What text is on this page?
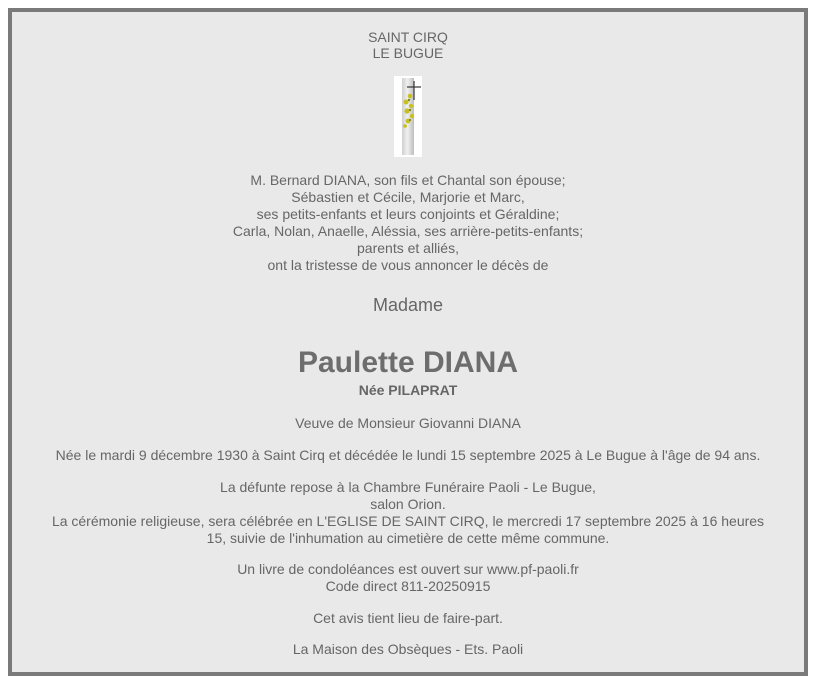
SAINT CIRQ
LE BUGUE
M. Bernard DIANA, son fils et Chantal son épouse;
Sébastien et Cécile, Marjorie et Marc,
ses petits-enfants et leurs conjoints et Géraldine;
Carla, Nolan, Anaelle, Aléssia, ses arrière-petits-enfants;
parents et alliés,
ont la tristesse de vous annoncer le décès de
Madame
Paulette DIANA
Née PILAPRAT
Veuve de Monsieur Giovanni DIANA
Née le mardi 9 décembre 1930 à Saint Cirq et décédée le lundi 15 septembre 2025 à Le Bugue à l'âge de 94 ans.
La défunte repose à la Chambre Funéraire Paoli - Le Bugue,
salon Orion.
La cérémonie religieuse, sera célébrée en L'EGLISE DE SAINT CIRQ, le mercredi 17 septembre 2025 à 16 heures
15, suivie de l'inhumation au cimetière de cette même commune.
Un livre de condoléances est ouvert sur www.pf-paoli.fr
Code direct 811-20250915
Cet avis tient lieu de faire-part.
La Maison des Obsèques - Ets. Paoli
